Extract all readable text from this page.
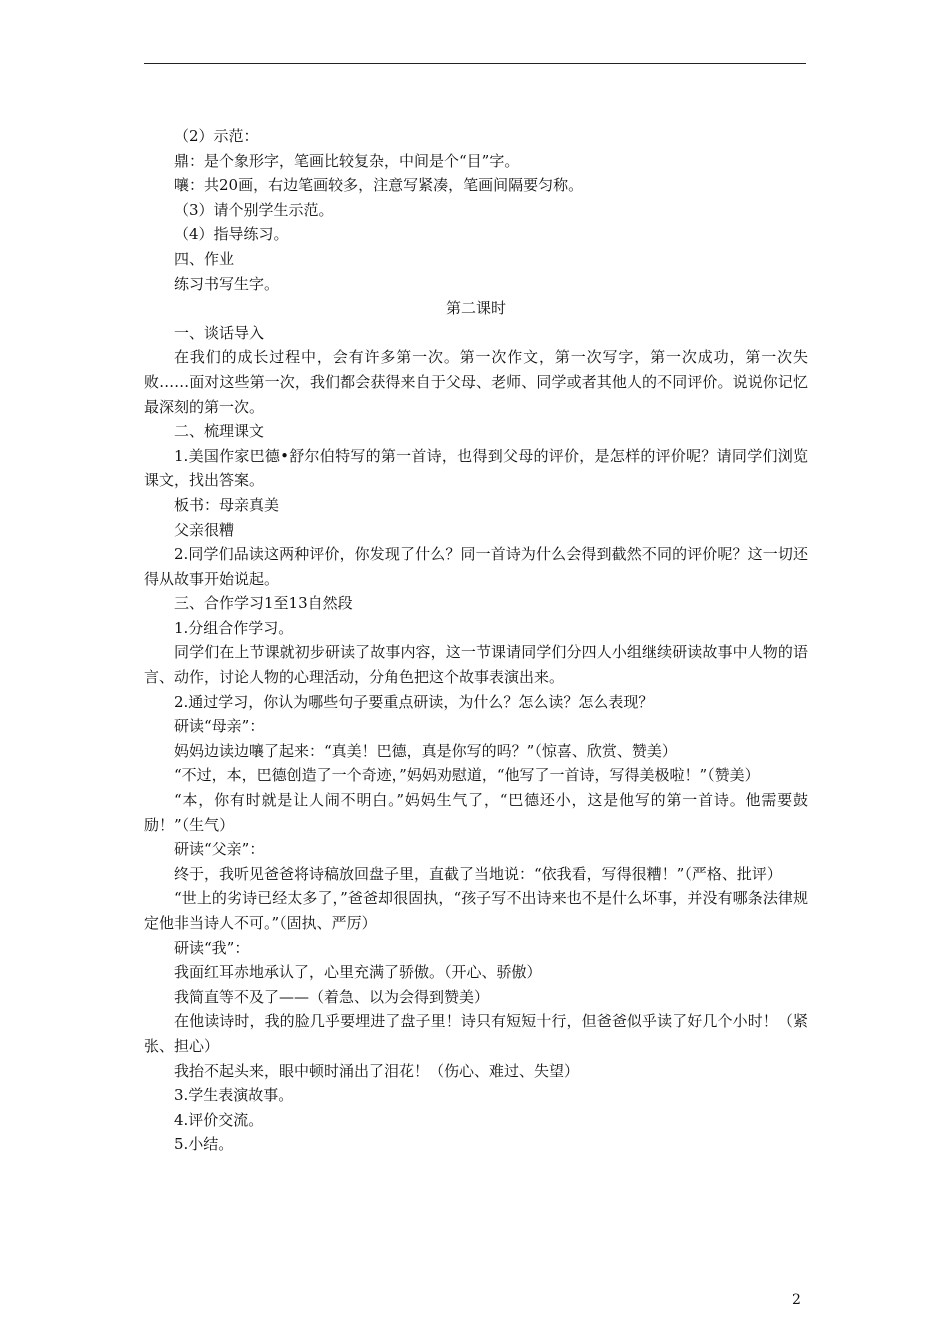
（2）示范：

鼎：是个象形字，笔画比较复杂，中间是个“目”字。

嚷：共20画，右边笔画较多，注意写紧凑，笔画间隔要匀称。

（3）请个别学生示范。

（4）指导练习。

四、作业

练习书写生字。

第二课时

一、谈话导入

在我们的成长过程中，会有许多第一次。第一次作文，第一次写字，第一次成功，第一次失败……面对这些第一次，我们都会获得来自于父母、老师、同学或者其他人的不同评价。说说你记忆最深刻的第一次。

二、梳理课文

1.美国作家巴德•舒尔伯特写的第一首诗，也得到父母的评价，是怎样的评价呢？请同学们浏览课文，找出答案。

板书：母亲真美

父亲很糟

2.同学们品读这两种评价，你发现了什么？同一首诗为什么会得到截然不同的评价呢？这一切还得从故事开始说起。

三、合作学习1至13自然段

1.分组合作学习。

同学们在上节课就初步研读了故事内容，这一节课请同学们分四人小组继续研读故事中人物的语言、动作，讨论人物的心理活动，分角色把这个故事表演出来。

2.通过学习，你认为哪些句子要重点研读，为什么？怎么读？怎么表现？

研读“母亲”：

妈妈边读边嚷了起来：“真美！巴德，真是你写的吗？”（惊喜、欣赏、赞美）

“不过，本，巴德创造了一个奇迹，”妈妈劝慰道，“他写了一首诗，写得美极啦！”（赞美）

“本，你有时就是让人闹不明白。”妈妈生气了，“巴德还小，这是他写的第一首诗。他需要鼓励！”（生气）

研读“父亲”：

终于，我听见爸爸将诗稿放回盘子里，直截了当地说：“依我看，写得很糟！”（严格、批评）

“世上的劣诗已经太多了，”爸爸却很固执，“孩子写不出诗来也不是什么坏事，并没有哪条法律规定他非当诗人不可。”（固执、严厉）

研读“我”：

我面红耳赤地承认了，心里充满了骄傲。（开心、骄傲）

我简直等不及了——（着急、以为会得到赞美）

在他读诗时，我的脸几乎要埋进了盘子里！诗只有短短十行，但爸爸似乎读了好几个小时！（紧张、担心）

我抬不起头来，眼中顿时涌出了泪花！（伤心、难过、失望）

3.学生表演故事。

4.评价交流。

5.小结。

2
